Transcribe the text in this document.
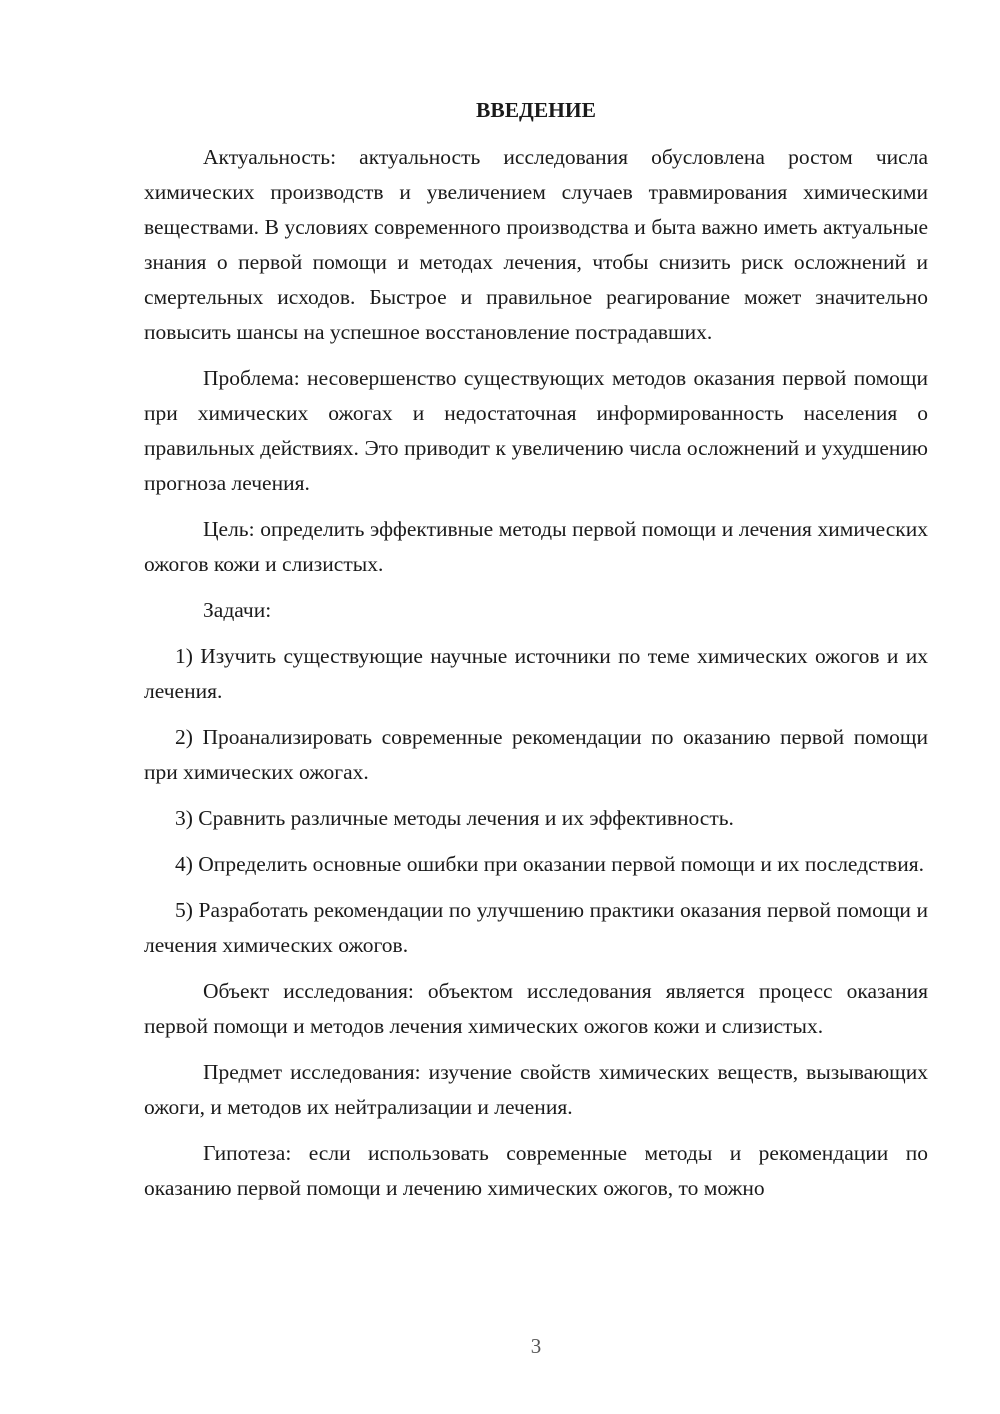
ВВЕДЕНИЕ

Актуальность: актуальность исследования обусловлена ростом числа химических производств и увеличением случаев травмирования химическими веществами. В условиях современного производства и быта важно иметь актуальные знания о первой помощи и методах лечения, чтобы снизить риск осложнений и смертельных исходов. Быстрое и правильное реагирование может значительно повысить шансы на успешное восстановление пострадавших.

Проблема: несовершенство существующих методов оказания первой помощи при химических ожогах и недостаточная информированность населения о правильных действиях. Это приводит к увеличению числа осложнений и ухудшению прогноза лечения.

Цель: определить эффективные методы первой помощи и лечения химических ожогов кожи и слизистых.

Задачи:

1) Изучить существующие научные источники по теме химических ожогов и их лечения.

2) Проанализировать современные рекомендации по оказанию первой помощи при химических ожогах.

3) Сравнить различные методы лечения и их эффективность.

4) Определить основные ошибки при оказании первой помощи и их последствия.

5) Разработать рекомендации по улучшению практики оказания первой помощи и лечения химических ожогов.

Объект исследования: объектом исследования является процесс оказания первой помощи и методов лечения химических ожогов кожи и слизистых.

Предмет исследования: изучение свойств химических веществ, вызывающих ожоги, и методов их нейтрализации и лечения.

Гипотеза: если использовать современные методы и рекомендации по оказанию первой помощи и лечению химических ожогов, то можно

3
